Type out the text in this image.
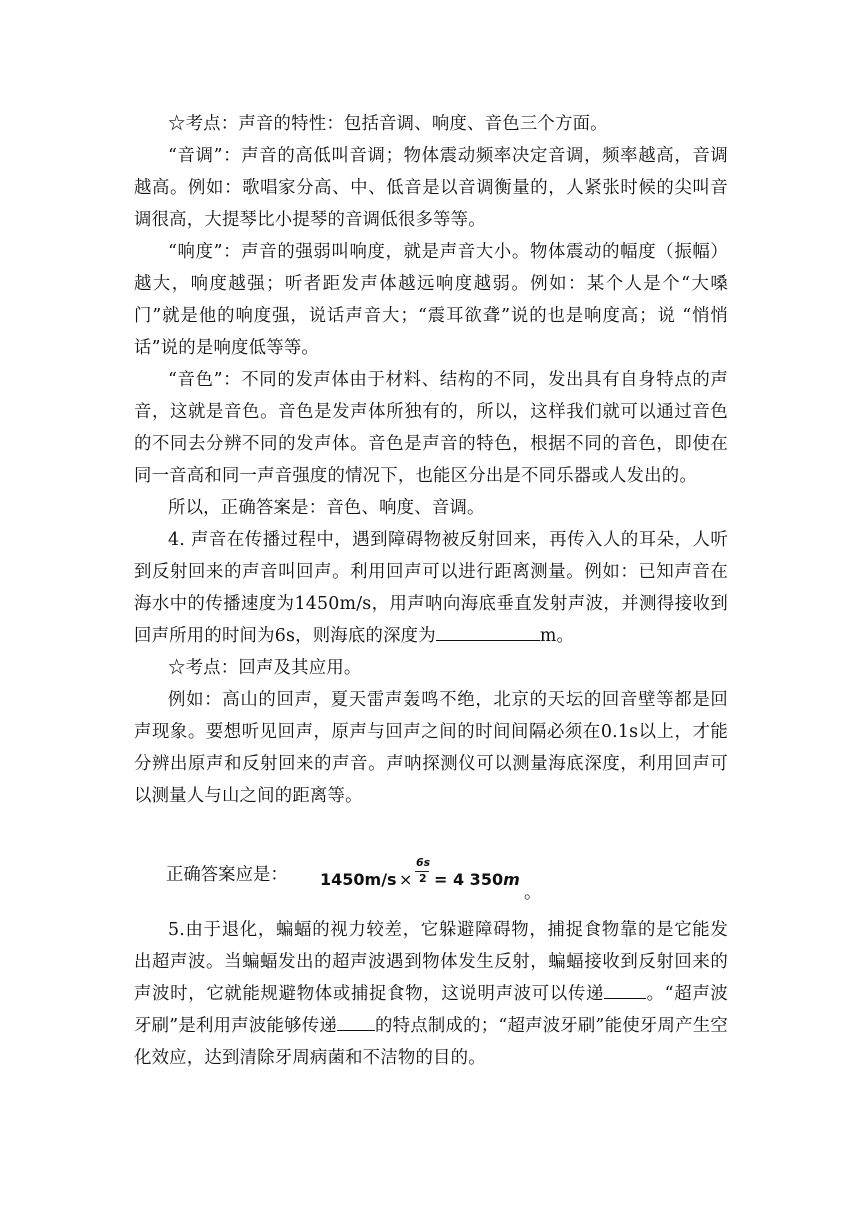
☆考点：声音的特性：包括音调、响度、音色三个方面。
“音调”：声音的高低叫音调；物体震动频率决定音调，频率越高，音调越高。例如：歌唱家分高、中、低音是以音调衡量的，人紧张时候的尖叫音调很高，大提琴比小提琴的音调低很多等等。
“响度”：声音的强弱叫响度，就是声音大小。物体震动的幅度（振幅）越大，响度越强；听者距发声体越远响度越弱。例如：某个人是个“大嗓门”就是他的响度强，说话声音大；“震耳欲聋”说的也是响度高；说 “悄悄话”说的是响度低等等。
“音色”：不同的发声体由于材料、结构的不同，发出具有自身特点的声音，这就是音色。音色是发声体所独有的，所以，这样我们就可以通过音色的不同去分辨不同的发声体。音色是声音的特色，根据不同的音色，即使在同一音高和同一声音强度的情况下，也能区分出是不同乐器或人发出的。
所以，正确答案是：音色、响度、音调。
4. 声音在传播过程中，遇到障碍物被反射回来，再传入人的耳朵，人听到反射回来的声音叫回声。利用回声可以进行距离测量。例如：已知声音在海水中的传播速度为1450m/s，用声呐向海底垂直发射声波，并测得接收到回声所用的时间为6s，则海底的深度为	m。
☆考点：回声及其应用。
例如：高山的回声，夏天雷声轰鸣不绝，北京的天坛的回音壁等都是回声现象。要想听见回声，原声与回声之间的时间间隔必须在0.1s以上，才能分辨出原声和反射回来的声音。声呐探测仪可以测量海底深度，利用回声可以测量人与山之间的距离等。
正确答案应是： 1450m/s ×
6s
2 = 4 350m
。
5.由于退化，蝙蝠的视力较差，它躲避障碍物，捕捉食物靠的是它能发出超声波。当蝙蝠发出的超声波遇到物体发生反射，蝙蝠接收到反射回来的声波时，它就能规避物体或捕捉食物，这说明声波可以传递 。“超声波牙刷”是利用声波能够传递 的特点制成的；“超声波牙刷”能使牙周产生空化效应，达到清除牙周病菌和不洁物的目的。
